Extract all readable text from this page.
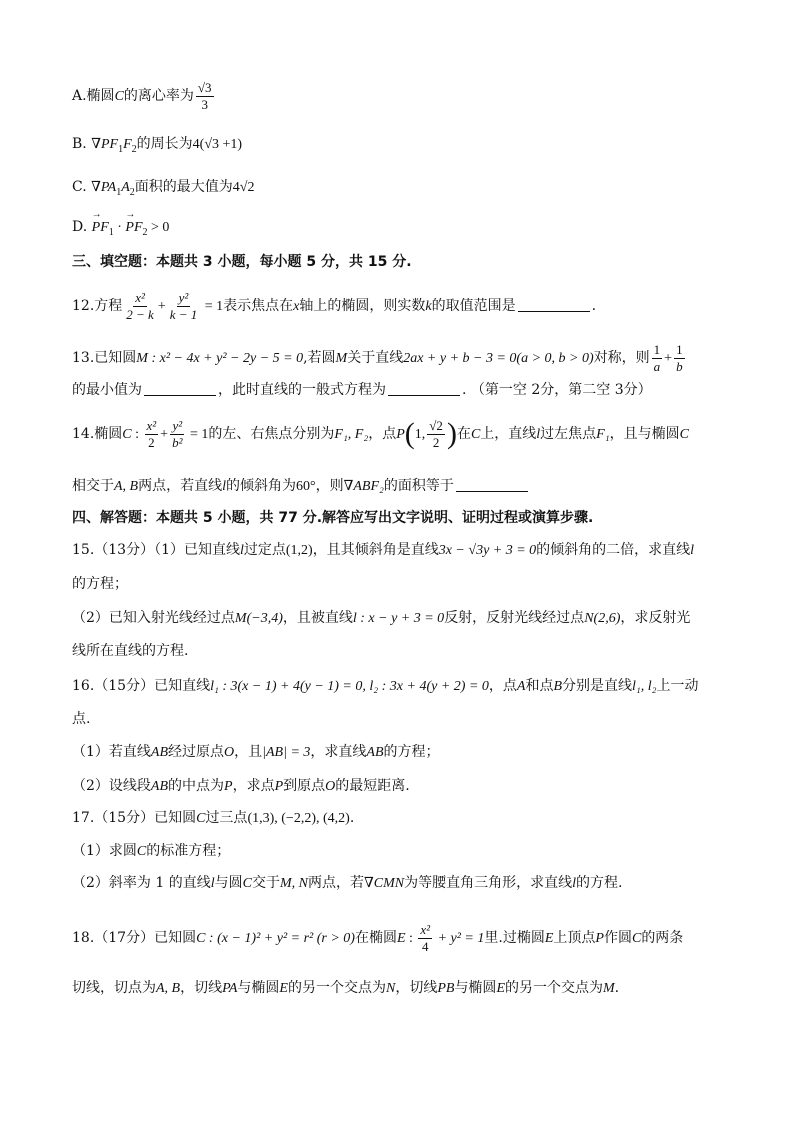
A.椭圆C的离心率为 $\frac{√3}{3}$
B. $\nabla PF_1F_2$的周长为4(√3 +1)
C. $\nabla PA_1A_2$面积的最大值为4√2
D. → $PF_1$ · → $PF_2 > 0$
三、填空题：本题共 3 小题，每小题 5 分，共 15 分.
12.方程 $\frac{\text{x²}}{2 - k} + \frac{\text{y²}}{k - 1} = 1$表示焦点在x轴上的椭圆，则实数k的取值范围是	.
13.已知圆M : x² − 4x + y² − 2y − 5 = 0,若圆M关于直线2ax + y + b − 3 = 0(a > 0, b > 0)对称，则 $\frac{1}{a} + \frac{1}{b}$
的最小值为	，此时直线的一般式方程为	. （第一空 2分，第二空 3分）
14.椭圆C : $\frac{\text{x²}}{2} + \frac{\text{y²}}{\text{b²}} = 1$的左、右焦点分别为F₁, F₂，点P(1, $\frac{√2}{2}$ )在C上，直线l过左焦点F₁，且与椭圆C
相交于A, B两点，若直线l的倾斜角为60°，则∇ABF₂的面积等于
四、解答题：本题共 5 小题，共 77 分.解答应写出文字说明、证明过程或演算步骤.
15.（13分）（1）已知直线l过定点(1,2)，且其倾斜角是直线3x − √3y + 3 = 0的倾斜角的二倍，求直线l
的方程；
（2）已知入射光线经过点M(−3,4)，且被直线l : x − y + 3 = 0反射，反射光线经过点N(2,6)，求反射光
线所在直线的方程.
16.（15分）已知直线l₁ : 3(x − 1) + 4(y − 1) = 0, l₂ : 3x + 4(y + 2) = 0，点A和点B分别是直线l₁, l₂上一动
点.
（1）若直线AB经过原点O，且|AB| = 3，求直线AB的方程；
（2）设线段AB的中点为P，求点P到原点O的最短距离.
17.（15分）已知圆C过三点(1,3), (−2,2), (4,2).
（1）求圆C的标准方程；
（2）斜率为 1 的直线l与圆C交于M, N两点，若∇CMN为等腰直角三角形，求直线l的方程.
18.（17分）已知圆C : (x − 1)² + y² = r² (r > 0)在椭圆E : $\frac{\text{x²}}{4} + y^2 = 1$里.过椭圆E上顶点P作圆C的两条
切线，切点为A, B，切线PA与椭圆E的另一个交点为N，切线PB与椭圆E的另一个交点为M.
